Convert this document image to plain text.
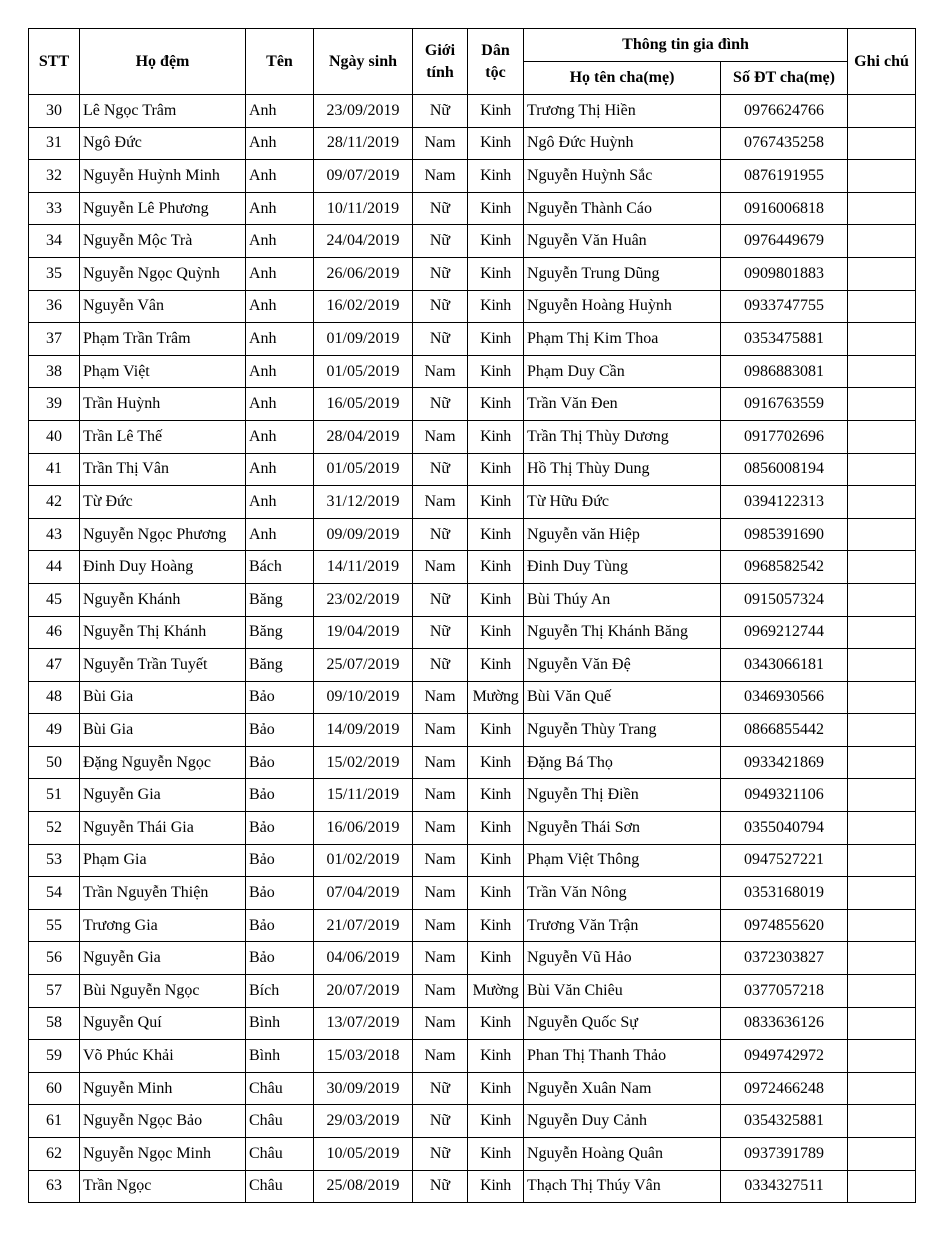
STT	Họ đệm	Tên	Ngày sinh	Giới tính	Dân tộc	Thông tin gia đình		Ghi chú
						Họ tên cha(mẹ)	Số ĐT cha(mẹ)	
30	Lê Ngọc Trâm	Anh	23/09/2019	Nữ	Kinh	Trương Thị Hiền	0976624766	
31	Ngô Đức	Anh	28/11/2019	Nam	Kinh	Ngô Đức Huỳnh	0767435258	
32	Nguyễn Huỳnh Minh	Anh	09/07/2019	Nam	Kinh	Nguyễn Huỳnh Sắc	0876191955	
33	Nguyễn Lê Phương	Anh	10/11/2019	Nữ	Kinh	Nguyễn Thành Cáo	0916006818	
34	Nguyễn Mộc Trà	Anh	24/04/2019	Nữ	Kinh	Nguyễn Văn Huân	0976449679	
35	Nguyễn Ngọc Quỳnh	Anh	26/06/2019	Nữ	Kinh	Nguyễn Trung Dũng	0909801883	
36	Nguyễn Vân	Anh	16/02/2019	Nữ	Kinh	Nguyễn Hoàng Huỳnh	0933747755	
37	Phạm Trần Trâm	Anh	01/09/2019	Nữ	Kinh	Phạm Thị Kim Thoa	0353475881	
38	Phạm Việt	Anh	01/05/2019	Nam	Kinh	Phạm Duy Cần	0986883081	
39	Trần Huỳnh	Anh	16/05/2019	Nữ	Kinh	Trần Văn Đen	0916763559	
40	Trần Lê Thế	Anh	28/04/2019	Nam	Kinh	Trần Thị Thùy Dương	0917702696	
41	Trần Thị Vân	Anh	01/05/2019	Nữ	Kinh	Hồ Thị Thùy Dung	0856008194	
42	Từ Đức	Anh	31/12/2019	Nam	Kinh	Từ Hữu Đức	0394122313	
43	Nguyễn Ngọc Phương	Anh	09/09/2019	Nữ	Kinh	Nguyễn văn Hiệp	0985391690	
44	Đinh Duy Hoàng	Bách	14/11/2019	Nam	Kinh	Đinh Duy Tùng	0968582542	
45	Nguyễn Khánh	Băng	23/02/2019	Nữ	Kinh	Bùi Thúy An	0915057324	
46	Nguyễn Thị Khánh	Băng	19/04/2019	Nữ	Kinh	Nguyễn Thị Khánh Băng	0969212744	
47	Nguyễn Trần Tuyết	Băng	25/07/2019	Nữ	Kinh	Nguyễn Văn Đệ	0343066181	
48	Bùi Gia	Bảo	09/10/2019	Nam	Mường	Bùi Văn Quế	0346930566	
49	Bùi Gia	Bảo	14/09/2019	Nam	Kinh	Nguyễn Thùy Trang	0866855442	
50	Đặng Nguyễn Ngọc	Bảo	15/02/2019	Nam	Kinh	Đặng Bá Thọ	0933421869	
51	Nguyễn Gia	Bảo	15/11/2019	Nam	Kinh	Nguyễn Thị Điền	0949321106	
52	Nguyễn Thái Gia	Bảo	16/06/2019	Nam	Kinh	Nguyễn Thái Sơn	0355040794	
53	Phạm Gia	Bảo	01/02/2019	Nam	Kinh	Phạm Việt Thông	0947527221	
54	Trần Nguyễn Thiện	Bảo	07/04/2019	Nam	Kinh	Trần Văn Nông	0353168019	
55	Trương Gia	Bảo	21/07/2019	Nam	Kinh	Trương Văn Trận	0974855620	
56	Nguyễn Gia	Bảo	04/06/2019	Nam	Kinh	Nguyễn Vũ Hảo	0372303827	
57	Bùi Nguyễn Ngọc	Bích	20/07/2019	Nam	Mường	Bùi Văn Chiêu	0377057218	
58	Nguyễn Quí	Bình	13/07/2019	Nam	Kinh	Nguyễn Quốc Sự	0833636126	
59	Võ Phúc Khải	Bình	15/03/2018	Nam	Kinh	Phan Thị Thanh Thảo	0949742972	
60	Nguyễn Minh	Châu	30/09/2019	Nữ	Kinh	Nguyễn Xuân Nam	0972466248	
61	Nguyễn Ngọc Bảo	Châu	29/03/2019	Nữ	Kinh	Nguyễn Duy Cảnh	0354325881	
62	Nguyễn Ngọc Minh	Châu	10/05/2019	Nữ	Kinh	Nguyễn Hoàng Quân	0937391789	
63	Trần Ngọc	Châu	25/08/2019	Nữ	Kinh	Thạch Thị Thúy Vân	0334327511	
